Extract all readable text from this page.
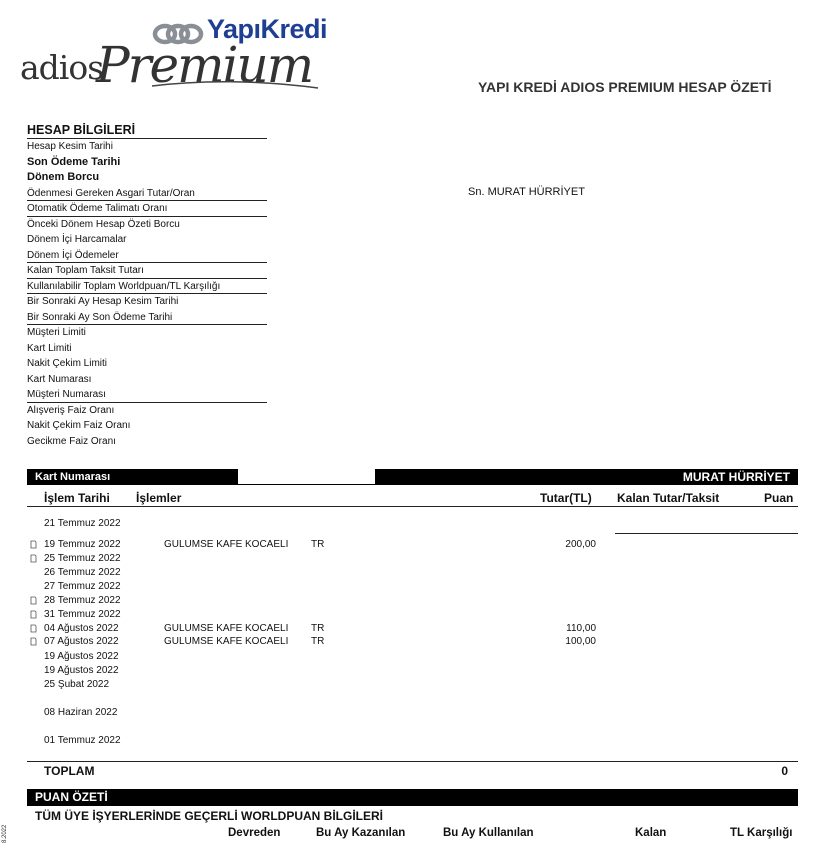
YapıKredi
adios
Premium	YAPI KREDİ ADIOS PREMIUM HESAP ÖZETİ
HESAP BİLGİLERİ
Hesap Kesim Tarihi
Son Ödeme Tarihi
Dönem Borcu
Ödenmesi Gereken Asgari Tutar/Oran
Otomatik Ödeme Talimatı Oranı
Önceki Dönem Hesap Özeti Borcu
Dönem İçi Harcamalar
Dönem İçi Ödemeler
Kalan Toplam Taksit Tutarı
Kullanılabilir Toplam Worldpuan/TL Karşılığı
Bir Sonraki Ay Hesap Kesim Tarihi
Bir Sonraki Ay Son Ödeme Tarihi
Müşteri Limiti
Kart Limiti
Nakit Çekim Limiti
Kart Numarası
Müşteri Numarası
Alışveriş Faiz Oranı
Nakit Çekim Faiz Oranı
Gecikme Faiz Oranı
Sn. MURAT HÜRRİYET
Kart Numarası	MURAT HÜRRİYET
İşlem Tarihi İşlemler	Tutar(TL) Kalan Tutar/Taksit	Puan
21 Temmuz 2022
19 Temmuz 2022	GULUMSE KAFE KOCAELI TR	200,00
25 Temmuz 2022
26 Temmuz 2022
27 Temmuz 2022
28 Temmuz 2022
31 Temmuz 2022
04 Ağustos 2022	GULUMSE KAFE KOCAELI TR	110,00
07 Ağustos 2022	GULUMSE KAFE KOCAELI TR	100,00
19 Ağustos 2022
19 Ağustos 2022
25 Şubat 2022
08 Haziran 2022
01 Temmuz 2022
TOPLAM	0
PUAN ÖZETİ
TÜM ÜYE İŞYERLERİNDE GEÇERLİ WORLDPUAN BİLGİLERİ
Devreden	Bu Ay Kazanılan	Bu Ay Kullanılan	Kalan	TL Karşılığı
8.2022
